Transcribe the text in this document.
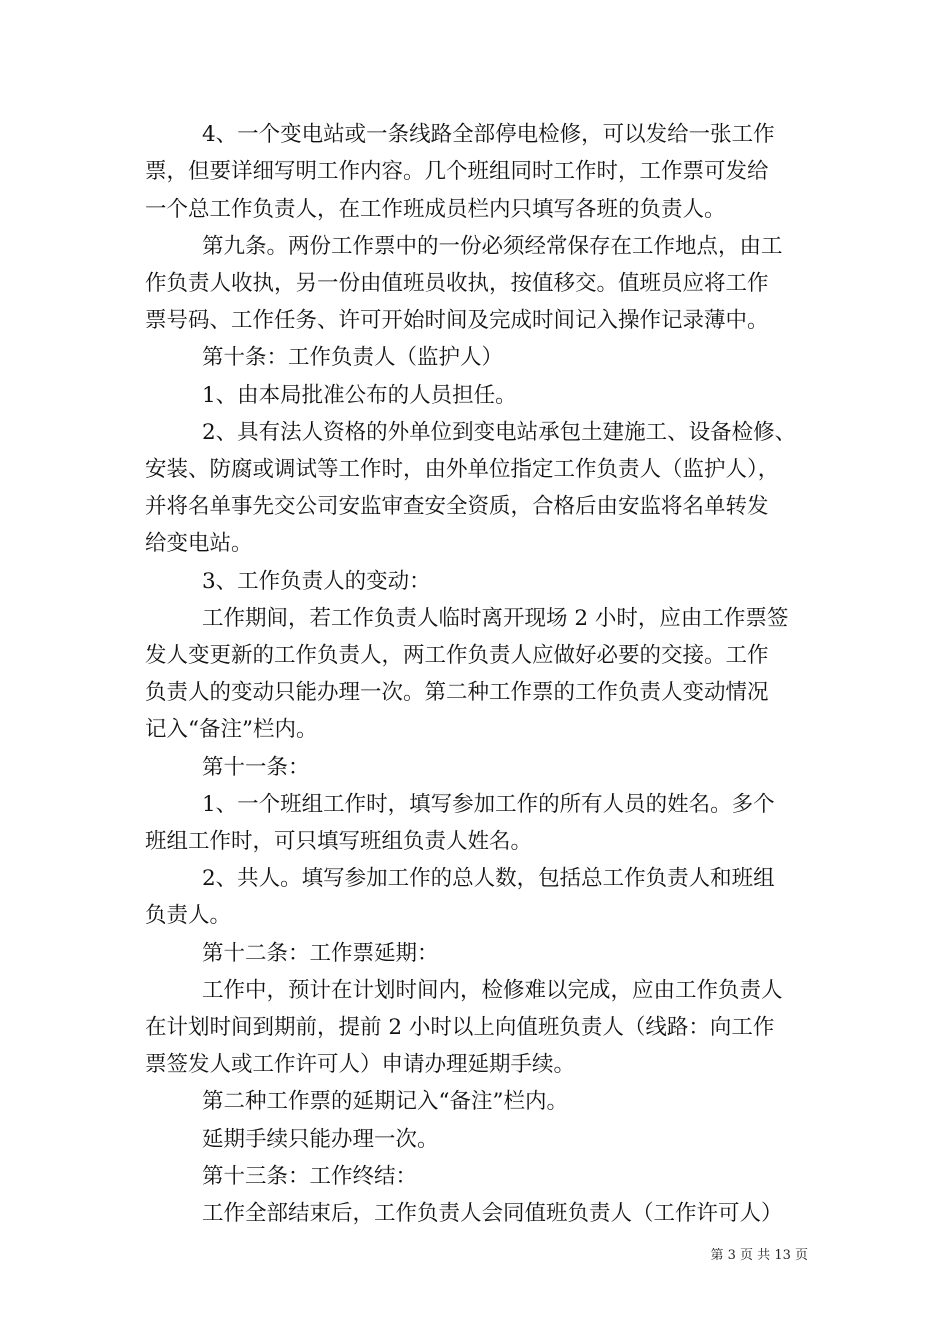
4、一个变电站或一条线路全部停电检修，可以发给一张工作
票，但要详细写明工作内容。几个班组同时工作时，工作票可发给
一个总工作负责人，在工作班成员栏内只填写各班的负责人。
第九条。两份工作票中的一份必须经常保存在工作地点，由工
作负责人收执，另一份由值班员收执，按值移交。值班员应将工作
票号码、工作任务、许可开始时间及完成时间记入操作记录薄中。
第十条：工作负责人（监护人）
1、由本局批准公布的人员担任。
2、具有法人资格的外单位到变电站承包土建施工、设备检修、
安装、防腐或调试等工作时，由外单位指定工作负责人（监护人），
并将名单事先交公司安监审查安全资质，合格后由安监将名单转发
给变电站。
3、工作负责人的变动：
工作期间，若工作负责人临时离开现场 2 小时，应由工作票签
发人变更新的工作负责人，两工作负责人应做好必要的交接。工作
负责人的变动只能办理一次。第二种工作票的工作负责人变动情况
记入“备注”栏内。
第十一条：
1、一个班组工作时，填写参加工作的所有人员的姓名。多个
班组工作时，可只填写班组负责人姓名。
2、共人。填写参加工作的总人数，包括总工作负责人和班组
负责人。
第十二条：工作票延期：
工作中，预计在计划时间内，检修难以完成，应由工作负责人
在计划时间到期前，提前 2 小时以上向值班负责人（线路：向工作
票签发人或工作许可人）申请办理延期手续。
第二种工作票的延期记入“备注”栏内。
延期手续只能办理一次。
第十三条：工作终结：
工作全部结束后，工作负责人会同值班负责人（工作许可人）
第 3 页 共 13 页
